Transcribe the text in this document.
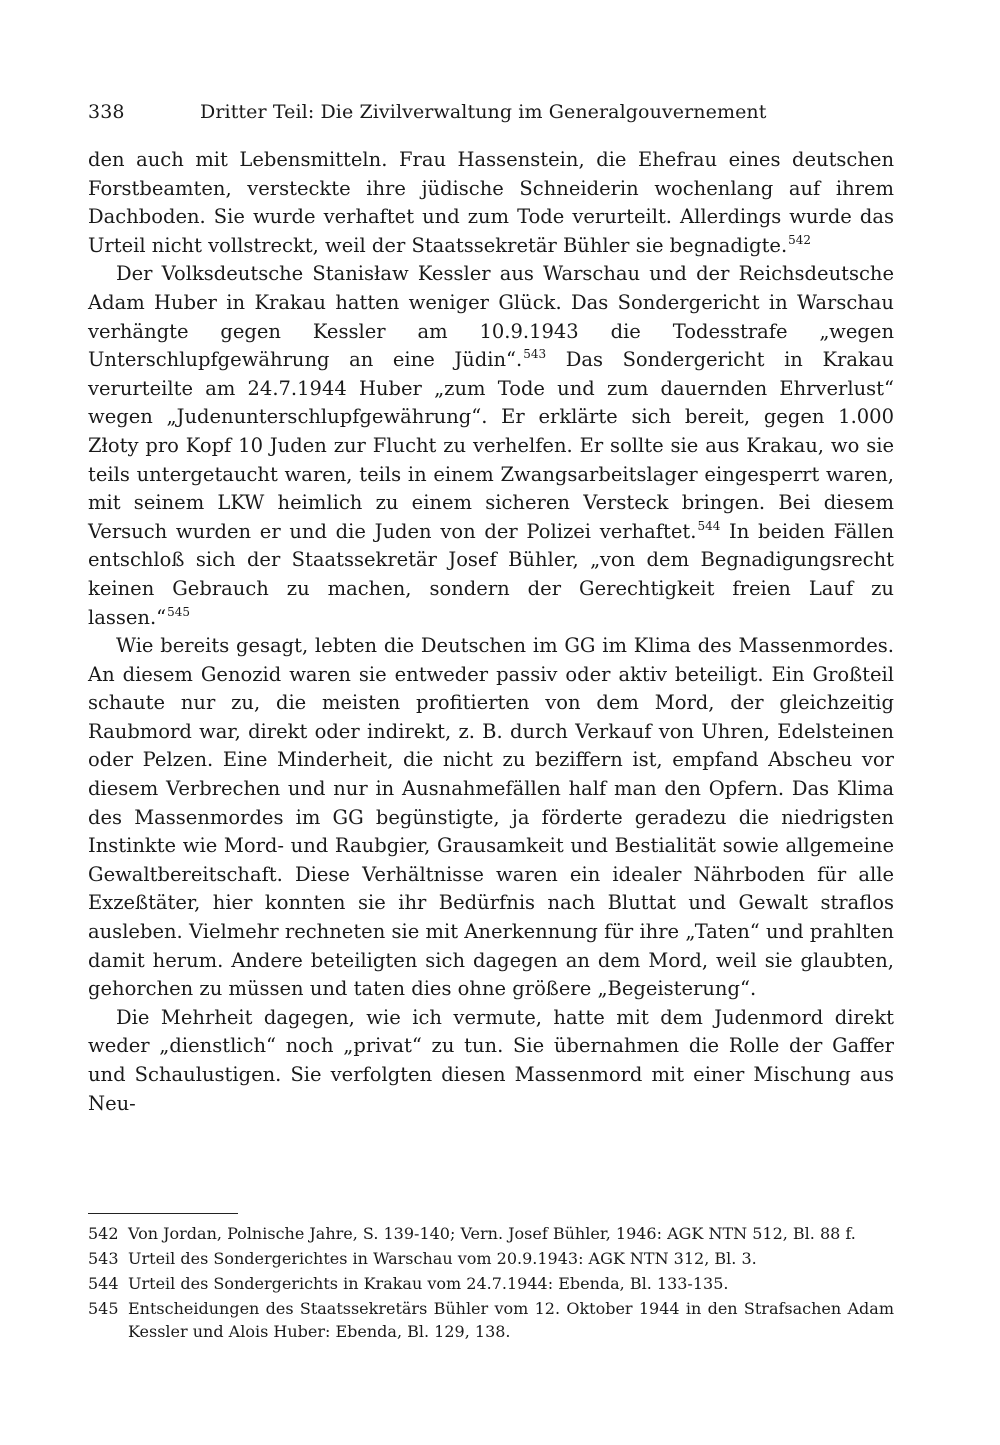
338	Dritter Teil: Die Zivilverwaltung im Generalgouvernement

den auch mit Lebensmitteln. Frau Hassenstein, die Ehefrau eines deutschen Forstbeamten, versteckte ihre jüdische Schneiderin wochenlang auf ihrem Dachboden. Sie wurde verhaftet und zum Tode verurteilt. Allerdings wurde das Urteil nicht vollstreckt, weil der Staatssekretär Bühler sie begnadigte.$^{542}$

Der Volksdeutsche Stanisław Kessler aus Warschau und der Reichsdeutsche Adam Huber in Krakau hatten weniger Glück. Das Sondergericht in Warschau verhängte gegen Kessler am 10.9.1943 die Todesstrafe „wegen Unterschlupfgewährung an eine Jüdin“.$^{543}$ Das Sondergericht in Krakau verurteilte am 24.7.1944 Huber „zum Tode und zum dauernden Ehrverlust“ wegen „Judenunterschlupfgewährung“. Er erklärte sich bereit, gegen 1.000 Złoty pro Kopf 10 Juden zur Flucht zu verhelfen. Er sollte sie aus Krakau, wo sie teils untergetaucht waren, teils in einem Zwangsarbeitslager eingesperrt waren, mit seinem LKW heimlich zu einem sicheren Versteck bringen. Bei diesem Versuch wurden er und die Juden von der Polizei verhaftet.$^{544}$ In beiden Fällen entschloß sich der Staatssekretär Josef Bühler, „von dem Begnadigungsrecht keinen Gebrauch zu machen, sondern der Gerechtigkeit freien Lauf zu lassen.“$^{545}$

Wie bereits gesagt, lebten die Deutschen im GG im Klima des Massenmordes. An diesem Genozid waren sie entweder passiv oder aktiv beteiligt. Ein Großteil schaute nur zu, die meisten profitierten von dem Mord, der gleichzeitig Raubmord war, direkt oder indirekt, z. B. durch Verkauf von Uhren, Edelsteinen oder Pelzen. Eine Minderheit, die nicht zu beziffern ist, empfand Abscheu vor diesem Verbrechen und nur in Ausnahmefällen half man den Opfern. Das Klima des Massenmordes im GG begünstigte, ja förderte geradezu die niedrigsten Instinkte wie Mord- und Raubgier, Grausamkeit und Bestialität sowie allgemeine Gewaltbereitschaft. Diese Verhältnisse waren ein idealer Nährboden für alle Exzeßtäter, hier konnten sie ihr Bedürfnis nach Bluttat und Gewalt straflos ausleben. Vielmehr rechneten sie mit Anerkennung für ihre „Taten“ und prahlten damit herum. Andere beteiligten sich dagegen an dem Mord, weil sie glaubten, gehorchen zu müssen und taten dies ohne größere „Begeisterung“.

Die Mehrheit dagegen, wie ich vermute, hatte mit dem Judenmord direkt weder „dienstlich“ noch „privat“ zu tun. Sie übernahmen die Rolle der Gaffer und Schaulustigen. Sie verfolgten diesen Massenmord mit einer Mischung aus Neu-

542 Von Jordan, Polnische Jahre, S. 139-140; Vern. Josef Bühler, 1946: AGK NTN 512, Bl. 88 f.
543 Urteil des Sondergerichtes in Warschau vom 20.9.1943: AGK NTN 312, Bl. 3.
544 Urteil des Sondergerichts in Krakau vom 24.7.1944: Ebenda, Bl. 133-135.
545 Entscheidungen des Staatssekretärs Bühler vom 12. Oktober 1944 in den Strafsachen Adam Kessler und Alois Huber: Ebenda, Bl. 129, 138.
